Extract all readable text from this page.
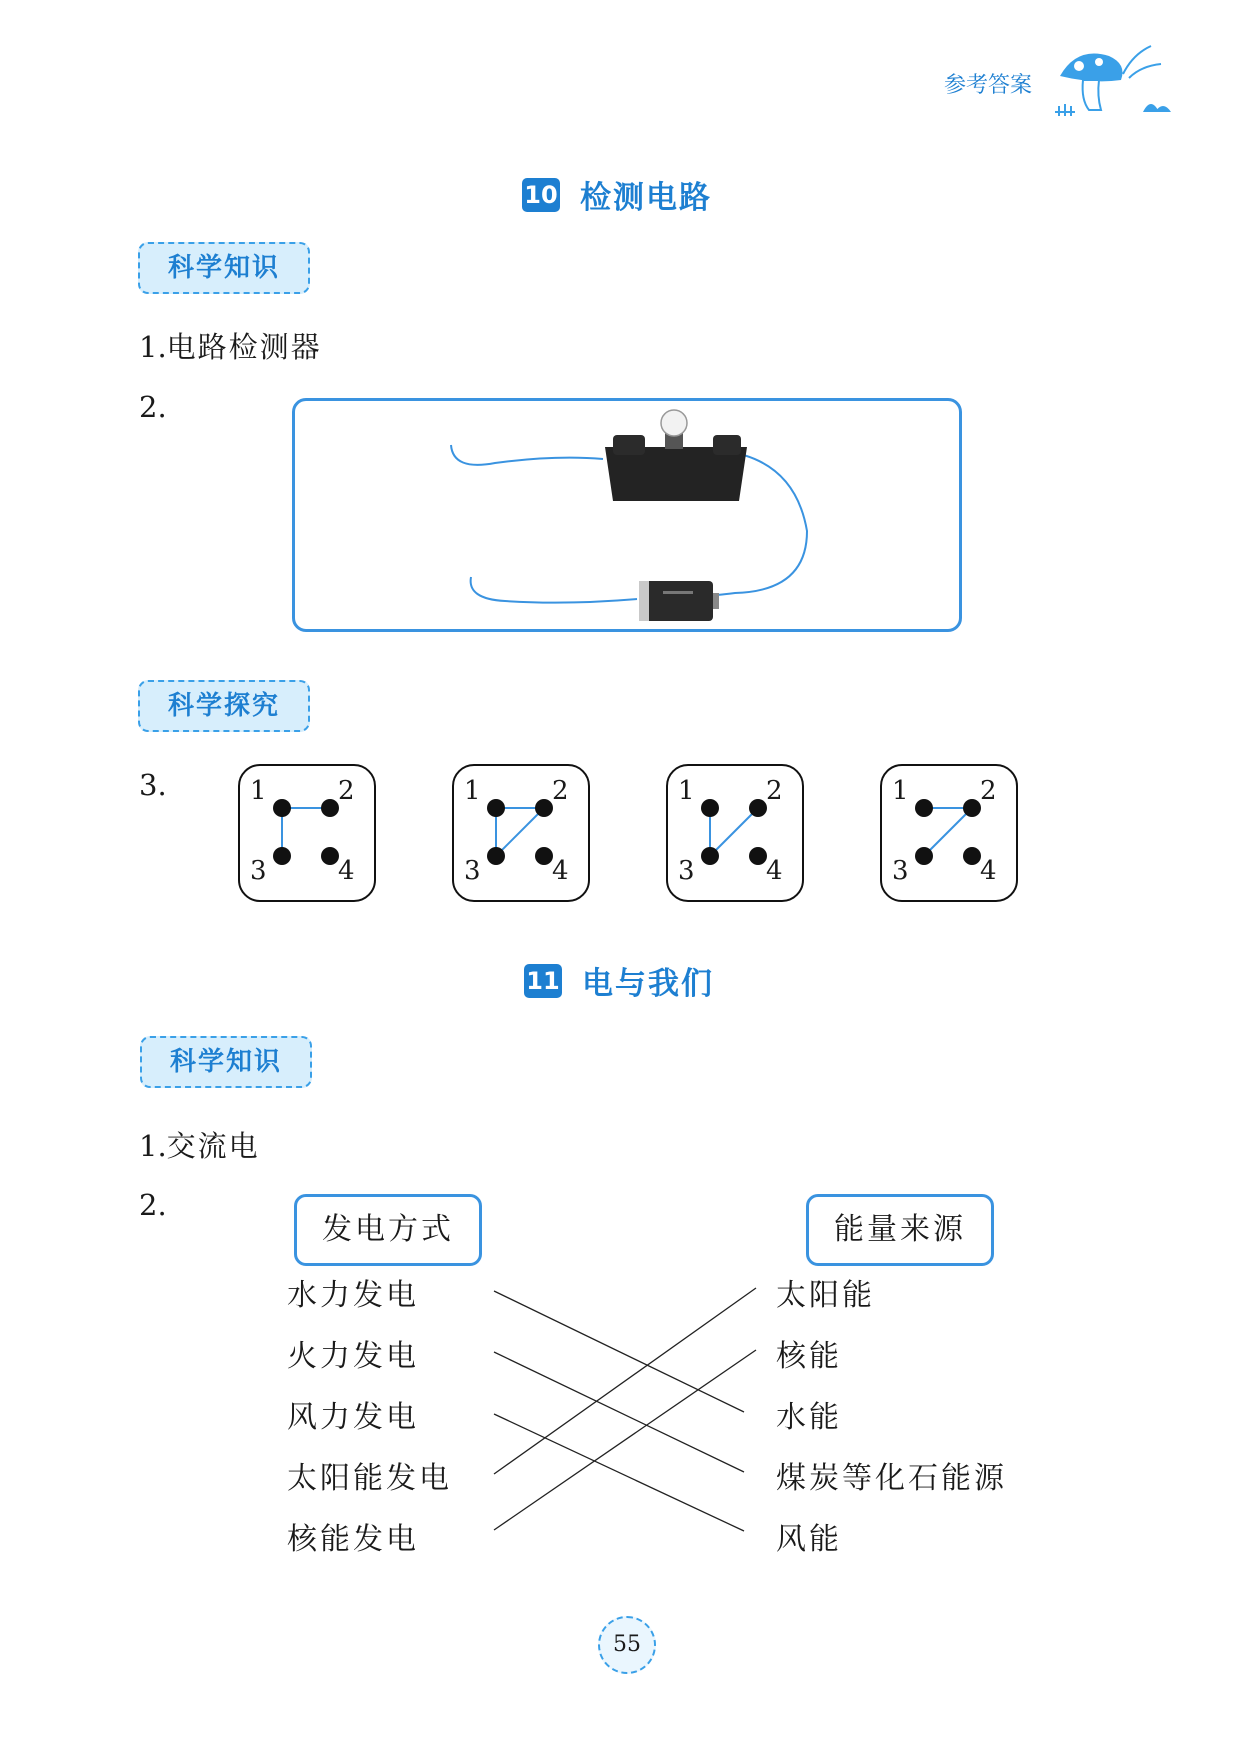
参考答案
10 检测电路
科学知识
1.电路检测器
2.
科学探究
3.	1	2
3	4
1	2
3	4
1	2
3	4
1	2
3	4
11 电与我们
科学知识
1.交流电
2.
发电方式	能量来源
水力发电
火力发电
风力发电
太阳能发电
核能发电
太阳能
核能
水能
煤炭等化石能源
风能
55
